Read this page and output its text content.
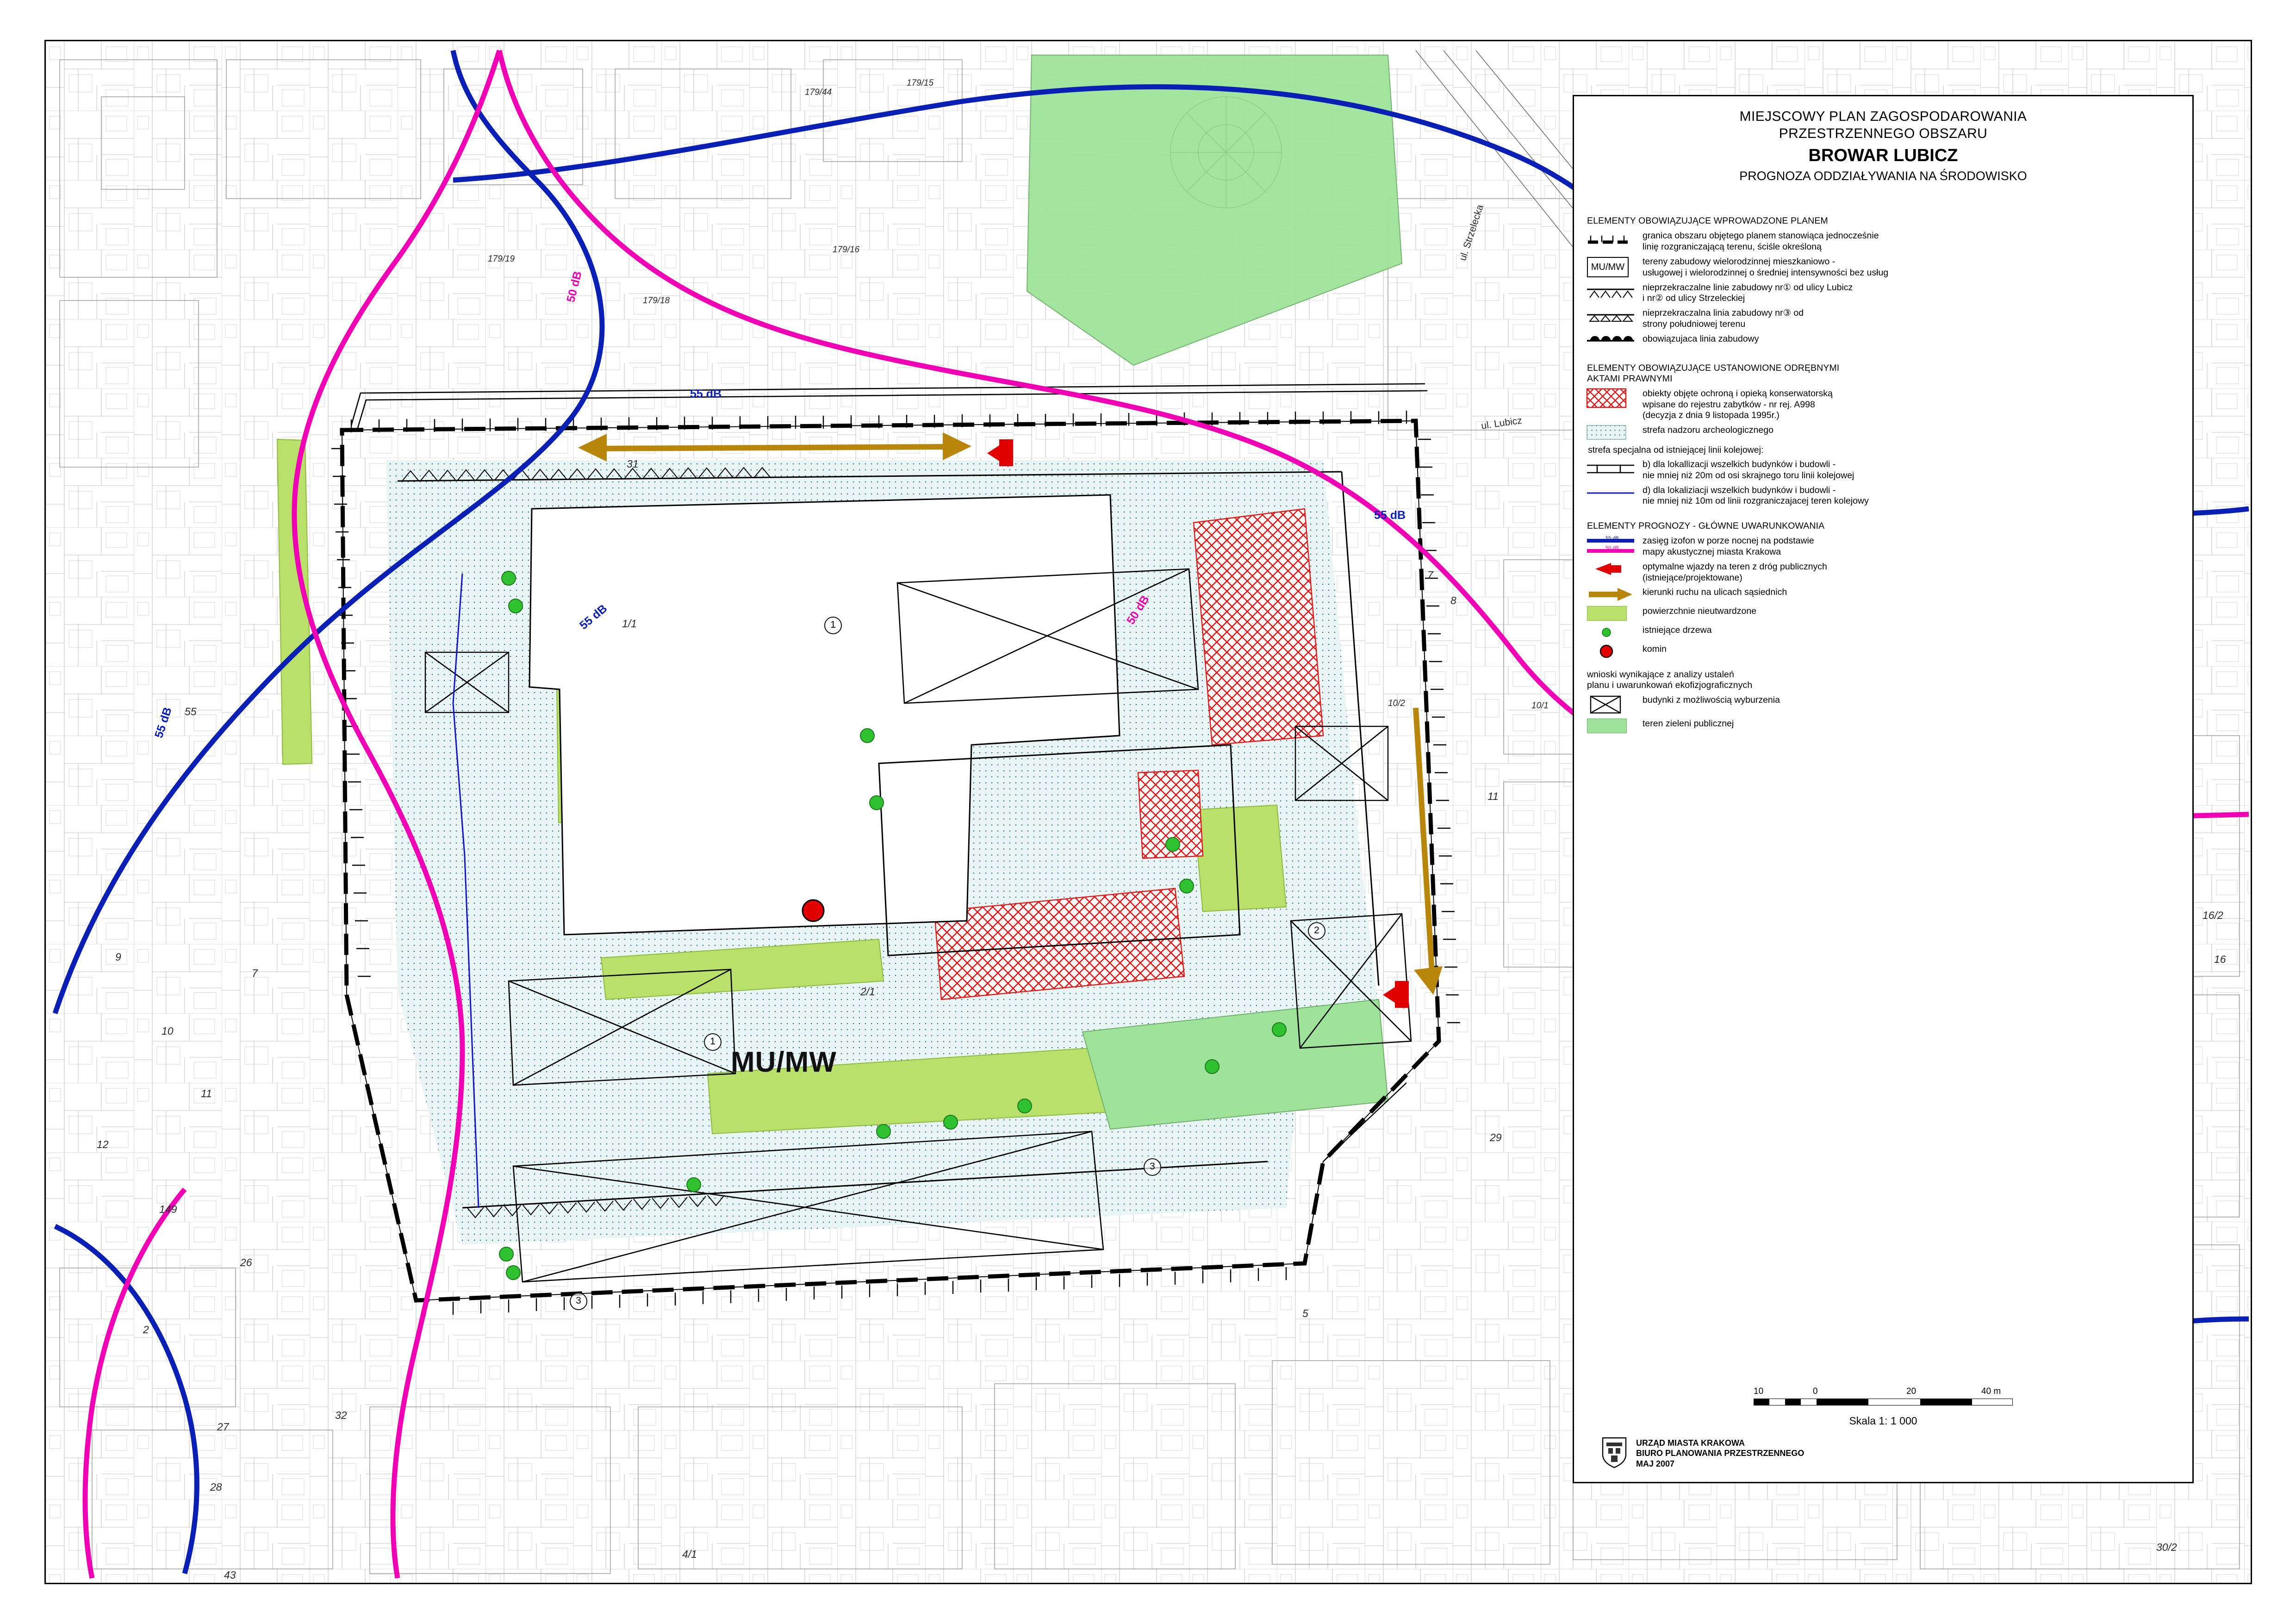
MU/MW
55 dB
55 dB
55 dB
55 dB
50 dB
50 dB
179/44
179/15
179/16
179/19
179/18
31
1/1
7
8
10/2	10/1
11
2/1
9
10
11
12
149
26
2
27
28
32
43
4/1
5
29
16/2
16
30/2
7
55
ul. Lubicz
ul. Strzelecka
1
2
1
3
3
MIEJSCOWY PLAN ZAGOSPODAROWANIA
PRZESTRZENNEGO OBSZARU
BROWAR LUBICZ
PROGNOZA ODDZIAŁYWANIA NA ŚRODOWISKO
ELEMENTY OBOWIĄZUJĄCE WPROWADZONE PLANEM
granica obszaru objętego planem stanowiąca jednocześnie
linię rozgraniczającą terenu, ściśle określoną
MU/MW
tereny zabudowy wielorodzinnej mieszkaniowo -
usługowej i wielorodzinnej o średniej intensywności bez usług
nieprzekraczalne linie zabudowy nr① od ulicy Lubicz
i nr② od ulicy Strzeleckiej
nieprzekraczalna linia zabudowy nr③ od
strony południowej terenu
obowiązujaca linia zabudowy
ELEMENTY OBOWIĄZUJĄCE USTANOWIONE ODRĘBNYMI
AKTAMI PRAWNYMI
obiekty objęte ochroną i opieką konserwatorską
wpisane do rejestru zabytków - nr rej. A998
(decyzja z dnia 9 listopada 1995r.)
strefa nadzoru archeologicznego
strefa specjalna od istniejącej linii kolejowej:
b) dla lokallizacji wszelkich budynków i budowli -
nie mniej niż 20m od osi skrajnego toru linii kolejowej
d) dla lokaliziacji wszelkich budynków i budowli -
nie mniej niż 10m od linii rozgraniczajacej teren kolejowy
ELEMENTY PROGNOZY - GŁÓWNE UWARUNKOWANIA
55 dB
50 dB
zasięg izofon w porze nocnej na podstawie
mapy akustycznej miasta Krakowa
optymalne wjazdy na teren z dróg publicznych
(istniejące/projektowane)
kierunki ruchu na ulicach sąsiednich
powierzchnie nieutwardzone
istniejące drzewa
komin
wnioski wynikające z analizy ustaleń
planu i uwarunkowań ekofizjograficznych
budynki z możliwością wyburzenia
teren zieleni publicznej
10	0	20	40 m
Skala 1: 1 000
URZĄD MIASTA KRAKOWA
BIURO PLANOWANIA PRZESTRZENNEGO
MAJ 2007
